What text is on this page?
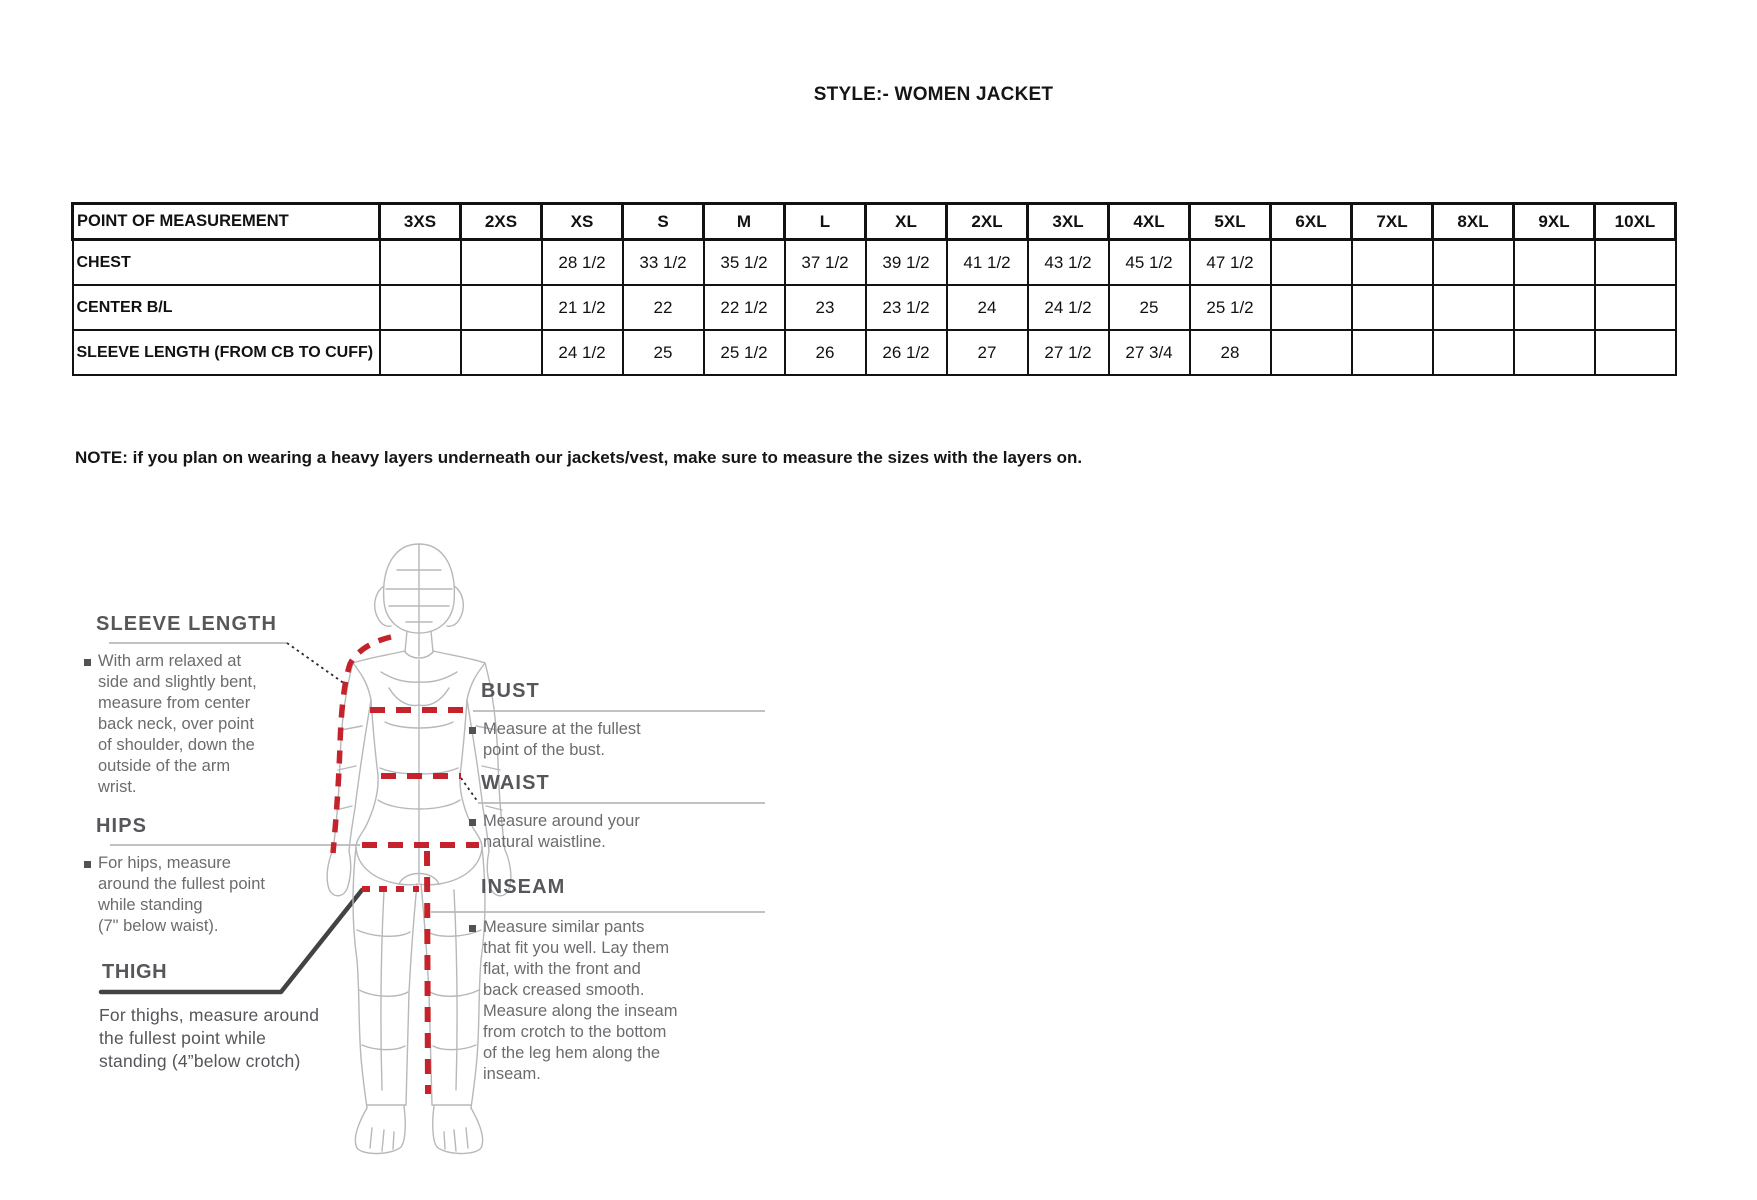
STYLE:- WOMEN JACKET
POINT OF MEASUREMENT	3XS	2XS	XS	S	M	L	XL	2XL	3XL	4XL	5XL	6XL	7XL	8XL	9XL	10XL
CHEST			28 1/2	33 1/2	35 1/2	37 1/2	39 1/2	41 1/2	43 1/2	45 1/2	47 1/2					
CENTER B/L			21 1/2	22	22 1/2	23	23 1/2	24	24 1/2	25	25 1/2					
SLEEVE LENGTH (FROM CB TO CUFF)			24 1/2	25	25 1/2	26	26 1/2	27	27 1/2	27 3/4	28					
NOTE: if you plan on wearing a heavy layers underneath our jackets/vest, make sure to measure the sizes with the layers on.
SLEEVE LENGTH
With arm relaxed at
side and slightly bent,
measure from center
back neck, over point
of shoulder, down the
outside of the arm
wrist.
HIPS
For hips, measure
around the fullest point
while standing
(7" below waist).
THIGH
For thighs, measure around
the fullest point while
standing (4”below crotch)
BUST
Measure at the fullest
point of the bust.
WAIST
Measure around your
natural waistline.
INSEAM
Measure similar pants
that fit you well. Lay them
flat, with the front and
back creased smooth.
Measure along the inseam
from crotch to the bottom
of the leg hem along the
inseam.
